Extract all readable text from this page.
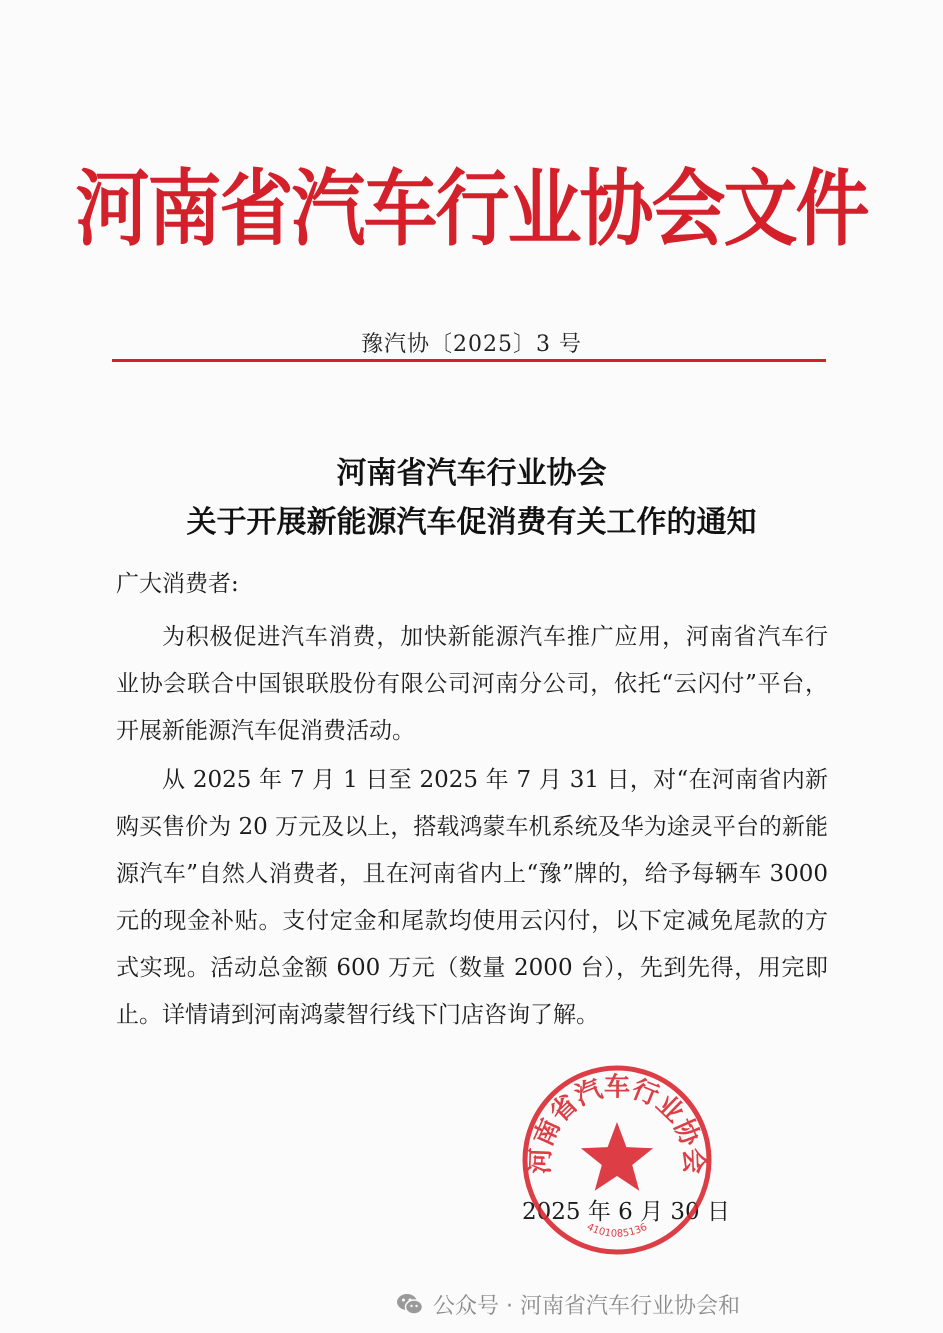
河南省汽车行业协会文件
豫汽协〔2025〕3 号
河南省汽车行业协会
关于开展新能源汽车促消费有关工作的通知
广大消费者:
为积极促进汽车消费，加快新能源汽车推广应用，河南省汽车行业协会联合中国银联股份有限公司河南分公司，依托“云闪付”平台，开展新能源汽车促消费活动。
从 2025 年 7 月 1 日至 2025 年 7 月 31 日，对“在河南省内新购买售价为 20 万元及以上，搭载鸿蒙车机系统及华为途灵平台的新能源汽车”自然人消费者，且在河南省内上“豫”牌的，给予每辆车 3000 元的现金补贴。支付定金和尾款均使用云闪付，以下定减免尾款的方式实现。活动总金额 600 万元（数量 2000 台），先到先得，用完即止。详情请到河南鸿蒙智行线下门店咨询了解。
2025 年 6 月 30 日
河南省汽车行业协会
4101085136
公众号 · 河南省汽车行业协会和
